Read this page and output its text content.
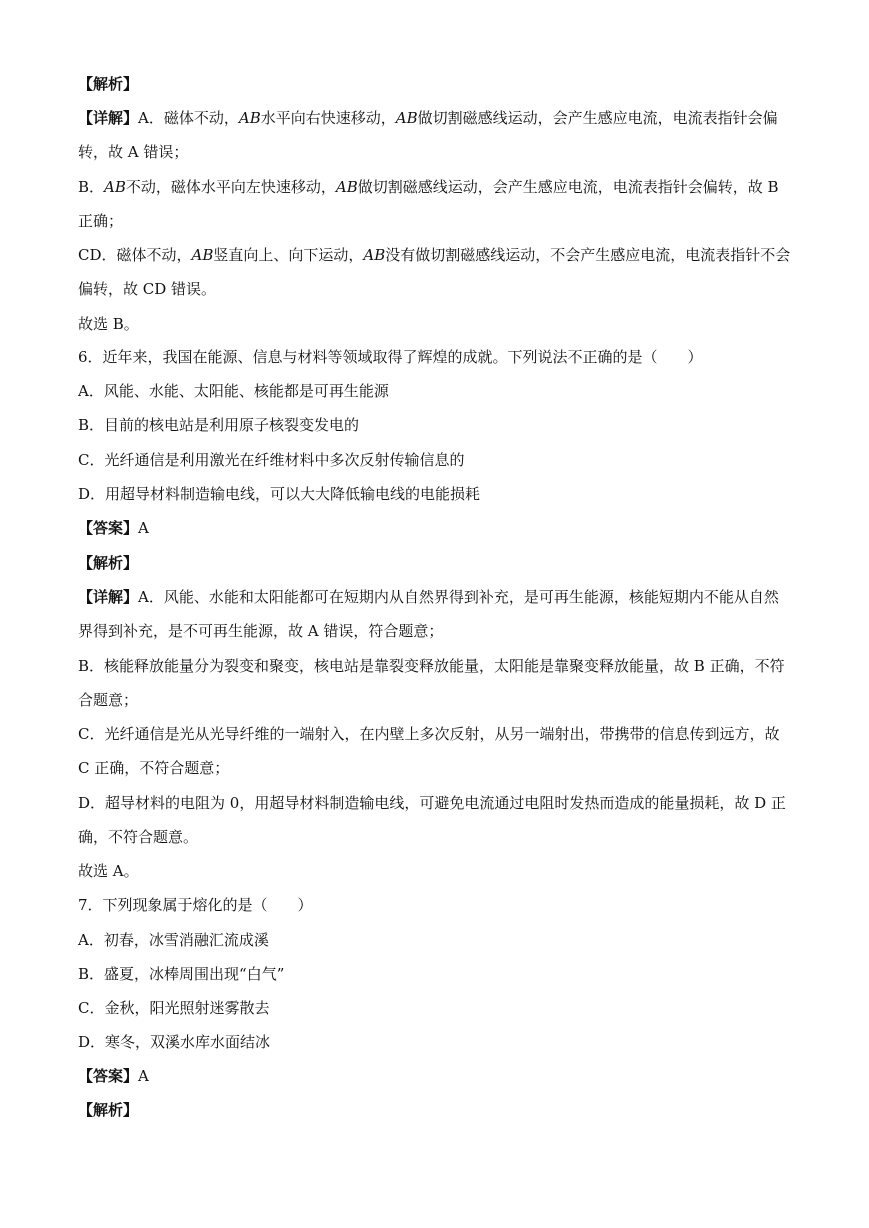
【解析】
【详解】A．磁体不动，AB水平向右快速移动，AB做切割磁感线运动，会产生感应电流，电流表指针会偏
转，故 A 错误；
B．AB不动，磁体水平向左快速移动，AB做切割磁感线运动，会产生感应电流，电流表指针会偏转，故 B
正确；
CD．磁体不动，AB竖直向上、向下运动，AB没有做切割磁感线运动，不会产生感应电流，电流表指针不会
偏转，故 CD 错误。
故选 B。
6．近年来，我国在能源、信息与材料等领域取得了辉煌的成就。下列说法不正确的是（　　）
A．风能、水能、太阳能、核能都是可再生能源
B．目前的核电站是利用原子核裂变发电的
C．光纤通信是利用激光在纤维材料中多次反射传输信息的
D．用超导材料制造输电线，可以大大降低输电线的电能损耗
【答案】A
【解析】
【详解】A．风能、水能和太阳能都可在短期内从自然界得到补充，是可再生能源，核能短期内不能从自然
界得到补充，是不可再生能源，故 A 错误，符合题意；
B．核能释放能量分为裂变和聚变，核电站是靠裂变释放能量，太阳能是靠聚变释放能量，故 B 正确，不符
合题意；
C．光纤通信是光从光导纤维的一端射入，在内壁上多次反射，从另一端射出，带携带的信息传到远方，故
C 正确，不符合题意；
D．超导材料的电阻为 0，用超导材料制造输电线，可避免电流通过电阻时发热而造成的能量损耗，故 D 正
确，不符合题意。
故选 A。
7．下列现象属于熔化的是（　　）
A．初春，冰雪消融汇流成溪
B．盛夏，冰棒周围出现“白气”
C．金秋，阳光照射迷雾散去
D．寒冬，双溪水库水面结冰
【答案】A
【解析】
